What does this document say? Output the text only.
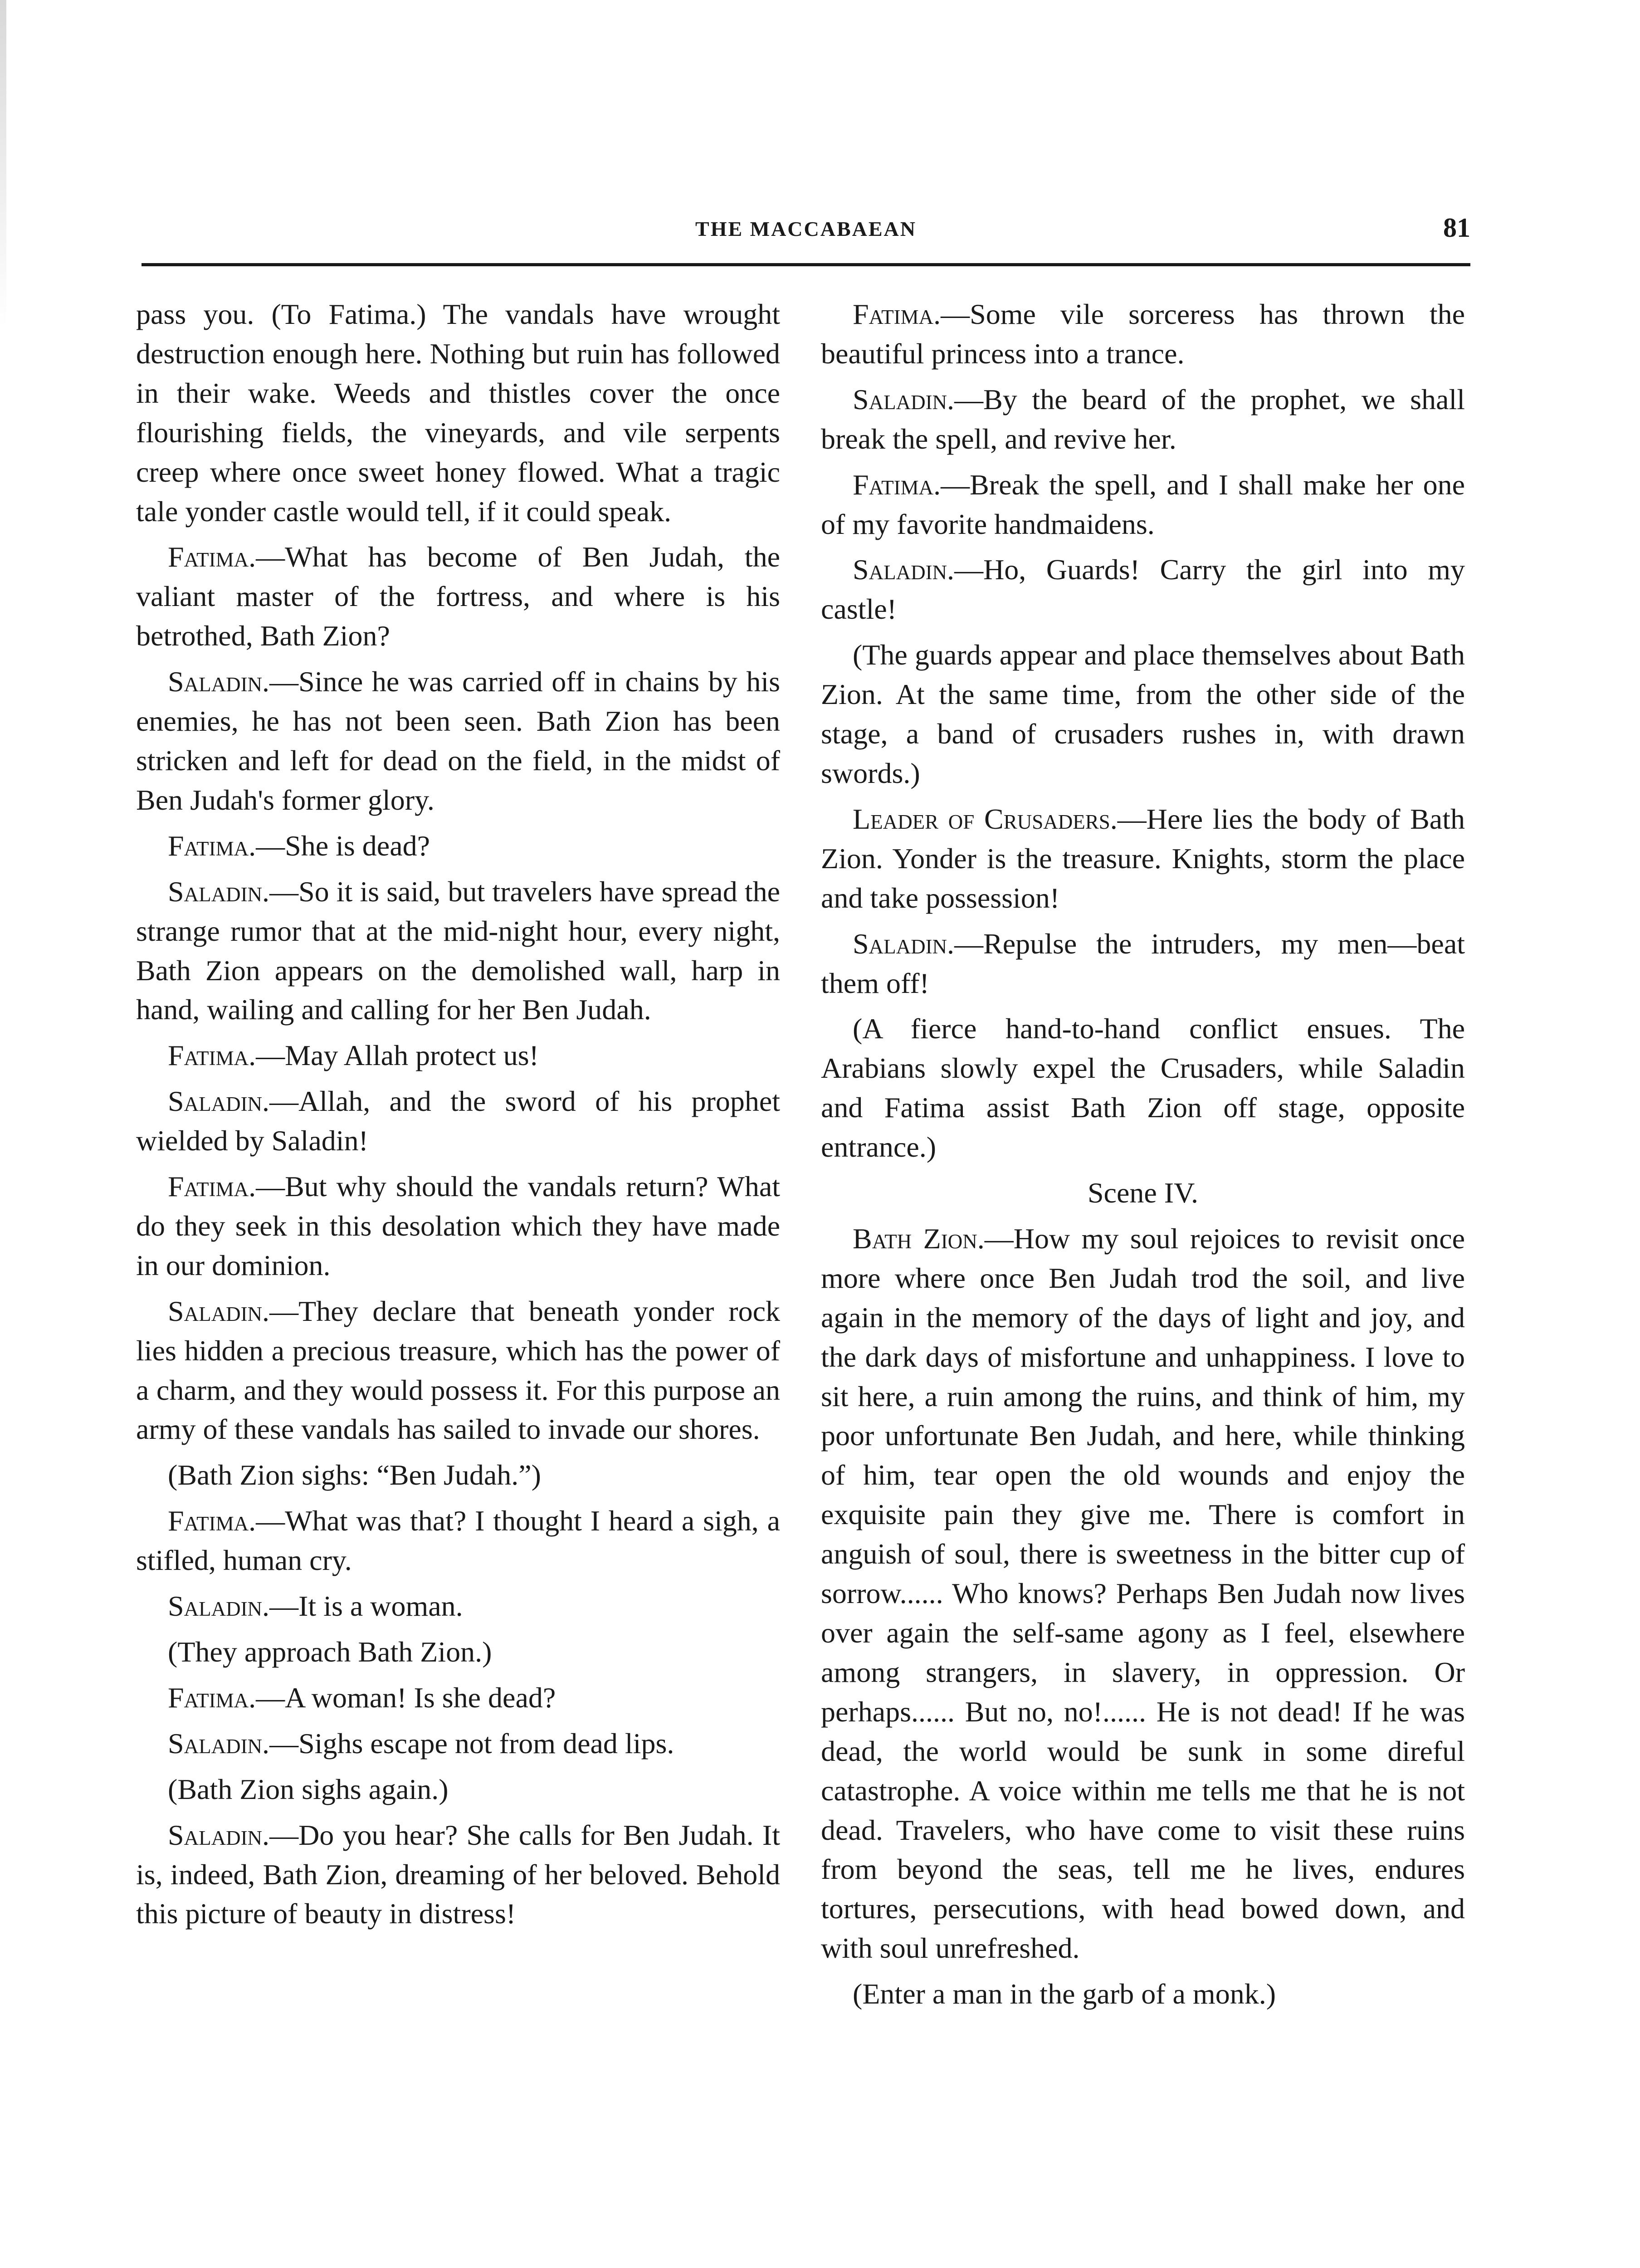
THE MACCABAEAN	81

pass you. (To Fatima.) The vandals have wrought destruction enough here. Nothing but ruin has followed in their wake. Weeds and thistles cover the once flourishing fields, the vineyards, and vile serpents creep where once sweet honey flowed. What a tragic tale yonder castle would tell, if it could speak.

Fatima.—What has become of Ben Judah, the valiant master of the fortress, and where is his betrothed, Bath Zion?

Saladin.—Since he was carried off in chains by his enemies, he has not been seen. Bath Zion has been stricken and left for dead on the field, in the midst of Ben Judah's former glory.

Fatima.—She is dead?

Saladin.—So it is said, but travelers have spread the strange rumor that at the mid-night hour, every night, Bath Zion appears on the demolished wall, harp in hand, wailing and calling for her Ben Judah.

Fatima.—May Allah protect us!

Saladin.—Allah, and the sword of his prophet wielded by Saladin!

Fatima.—But why should the vandals return? What do they seek in this desolation which they have made in our dominion.

Saladin.—They declare that beneath yonder rock lies hidden a precious treasure, which has the power of a charm, and they would possess it. For this purpose an army of these vandals has sailed to invade our shores.

(Bath Zion sighs: “Ben Judah.”)

Fatima.—What was that? I thought I heard a sigh, a stifled, human cry.

Saladin.—It is a woman.

(They approach Bath Zion.)

Fatima.—A woman! Is she dead?

Saladin.—Sighs escape not from dead lips.

(Bath Zion sighs again.)

Saladin.—Do you hear? She calls for Ben Judah. It is, indeed, Bath Zion, dreaming of her beloved. Behold this picture of beauty in distress!

Fatima.—Some vile sorceress has thrown the beautiful princess into a trance.

Saladin.—By the beard of the prophet, we shall break the spell, and revive her.

Fatima.—Break the spell, and I shall make her one of my favorite handmaidens.

Saladin.—Ho, Guards! Carry the girl into my castle!

(The guards appear and place themselves about Bath Zion. At the same time, from the other side of the stage, a band of crusaders rushes in, with drawn swords.)

Leader of Crusaders.—Here lies the body of Bath Zion. Yonder is the treasure. Knights, storm the place and take possession!

Saladin.—Repulse the intruders, my men—beat them off!

(A fierce hand-to-hand conflict ensues. The Arabians slowly expel the Crusaders, while Saladin and Fatima assist Bath Zion off stage, opposite entrance.)

Scene IV.

Bath Zion.—How my soul rejoices to revisit once more where once Ben Judah trod the soil, and live again in the memory of the days of light and joy, and the dark days of misfortune and unhappiness. I love to sit here, a ruin among the ruins, and think of him, my poor unfortunate Ben Judah, and here, while thinking of him, tear open the old wounds and enjoy the exquisite pain they give me. There is comfort in anguish of soul, there is sweetness in the bitter cup of sorrow...... Who knows? Perhaps Ben Judah now lives over again the self-same agony as I feel, elsewhere among strangers, in slavery, in oppression. Or perhaps...... But no, no!...... He is not dead! If he was dead, the world would be sunk in some direful catastrophe. A voice within me tells me that he is not dead. Travelers, who have come to visit these ruins from beyond the seas, tell me he lives, endures tortures, persecutions, with head bowed down, and with soul unrefreshed.

(Enter a man in the garb of a monk.)
